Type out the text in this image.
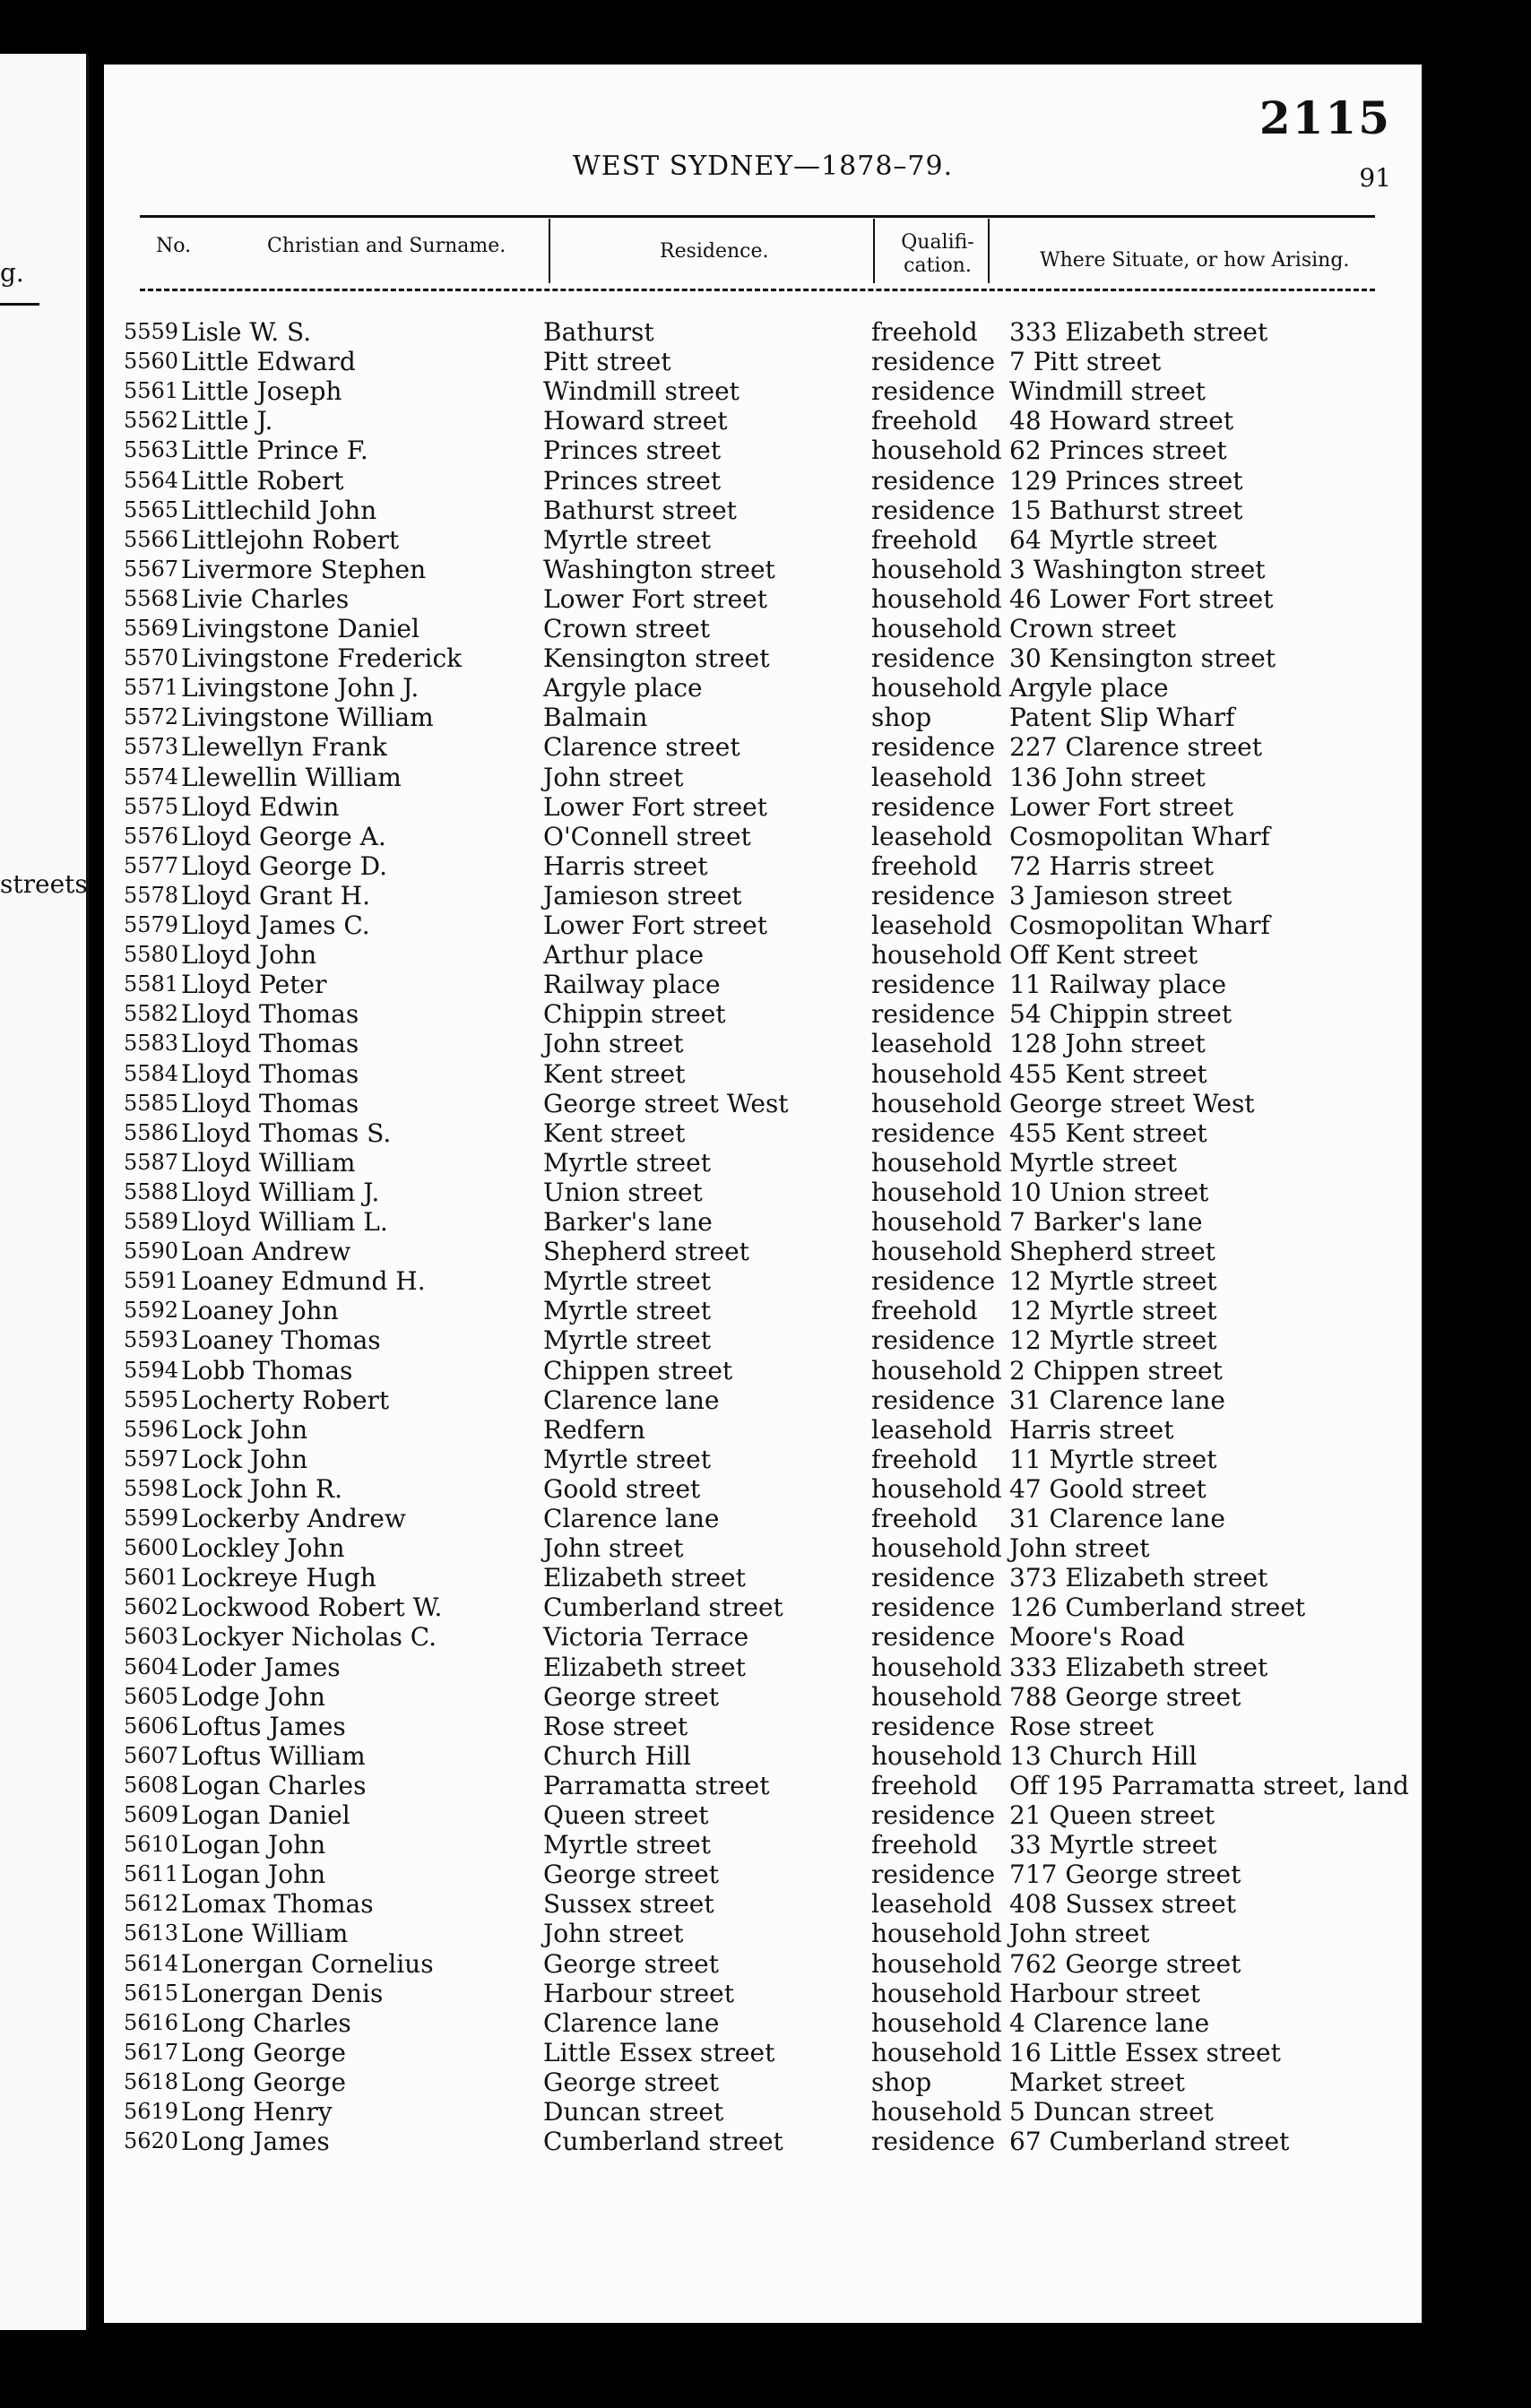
g.
streets
2115
91
WEST SYDNEY—1878–79.
No.	Christian and Surname.	Residence.	Qualifi-
cation.	Where Situate, or how Arising.
5559 Lisle W. S.	Bathurst	freehold 333 Elizabeth street
5560 Little Edward	Pitt street	residence 7 Pitt street
5561 Little Joseph	Windmill street	residence Windmill street
5562 Little J.	Howard street	freehold 48 Howard street
5563 Little Prince F.	Princes street	household 62 Princes street
5564 Little Robert	Princes street	residence 129 Princes street
5565 Littlechild John	Bathurst street	residence 15 Bathurst street
5566 Littlejohn Robert	Myrtle street	freehold 64 Myrtle street
5567 Livermore Stephen	Washington street	household 3 Washington street
5568 Livie Charles	Lower Fort street	household 46 Lower Fort street
5569 Livingstone Daniel	Crown street	household Crown street
5570 Livingstone Frederick	Kensington street	residence 30 Kensington street
5571 Livingstone John J.	Argyle place	household Argyle place
5572 Livingstone William	Balmain	shop	Patent Slip Wharf
5573 Llewellyn Frank	Clarence street	residence 227 Clarence street
5574 Llewellin William	John street	leasehold 136 John street
5575 Lloyd Edwin	Lower Fort street	residence Lower Fort street
5576 Lloyd George A.	O'Connell street	leasehold Cosmopolitan Wharf
5577 Lloyd George D.	Harris street	freehold 72 Harris street
5578 Lloyd Grant H.	Jamieson street	residence 3 Jamieson street
5579 Lloyd James C.	Lower Fort street	leasehold Cosmopolitan Wharf
5580 Lloyd John	Arthur place	household Off Kent street
5581 Lloyd Peter	Railway place	residence 11 Railway place
5582 Lloyd Thomas	Chippin street	residence 54 Chippin street
5583 Lloyd Thomas	John street	leasehold 128 John street
5584 Lloyd Thomas	Kent street	household 455 Kent street
5585 Lloyd Thomas	George street West	household George street West
5586 Lloyd Thomas S.	Kent street	residence 455 Kent street
5587 Lloyd William	Myrtle street	household Myrtle street
5588 Lloyd William J.	Union street	household 10 Union street
5589 Lloyd William L.	Barker's lane	household 7 Barker's lane
5590 Loan Andrew	Shepherd street	household Shepherd street
5591 Loaney Edmund H.	Myrtle street	residence 12 Myrtle street
5592 Loaney John	Myrtle street	freehold 12 Myrtle street
5593 Loaney Thomas	Myrtle street	residence 12 Myrtle street
5594 Lobb Thomas	Chippen street	household 2 Chippen street
5595 Locherty Robert	Clarence lane	residence 31 Clarence lane
5596 Lock John	Redfern	leasehold Harris street
5597 Lock John	Myrtle street	freehold 11 Myrtle street
5598 Lock John R.	Goold street	household 47 Goold street
5599 Lockerby Andrew	Clarence lane	freehold 31 Clarence lane
5600 Lockley John	John street	household John street
5601 Lockreye Hugh	Elizabeth street	residence 373 Elizabeth street
5602 Lockwood Robert W.	Cumberland street	residence 126 Cumberland street
5603 Lockyer Nicholas C.	Victoria Terrace	residence Moore's Road
5604 Loder James	Elizabeth street	household 333 Elizabeth street
5605 Lodge John	George street	household 788 George street
5606 Loftus James	Rose street	residence Rose street
5607 Loftus William	Church Hill	household 13 Church Hill
5608 Logan Charles	Parramatta street	freehold Off 195 Parramatta street, land
5609 Logan Daniel	Queen street	residence 21 Queen street
5610 Logan John	Myrtle street	freehold 33 Myrtle street
5611 Logan John	George street	residence 717 George street
5612 Lomax Thomas	Sussex street	leasehold 408 Sussex street
5613 Lone William	John street	household John street
5614 Lonergan Cornelius	George street	household 762 George street
5615 Lonergan Denis	Harbour street	household Harbour street
5616 Long Charles	Clarence lane	household 4 Clarence lane
5617 Long George	Little Essex street	household 16 Little Essex street
5618 Long George	George street	shop	Market street
5619 Long Henry	Duncan street	household 5 Duncan street
5620 Long James	Cumberland street	residence 67 Cumberland street
